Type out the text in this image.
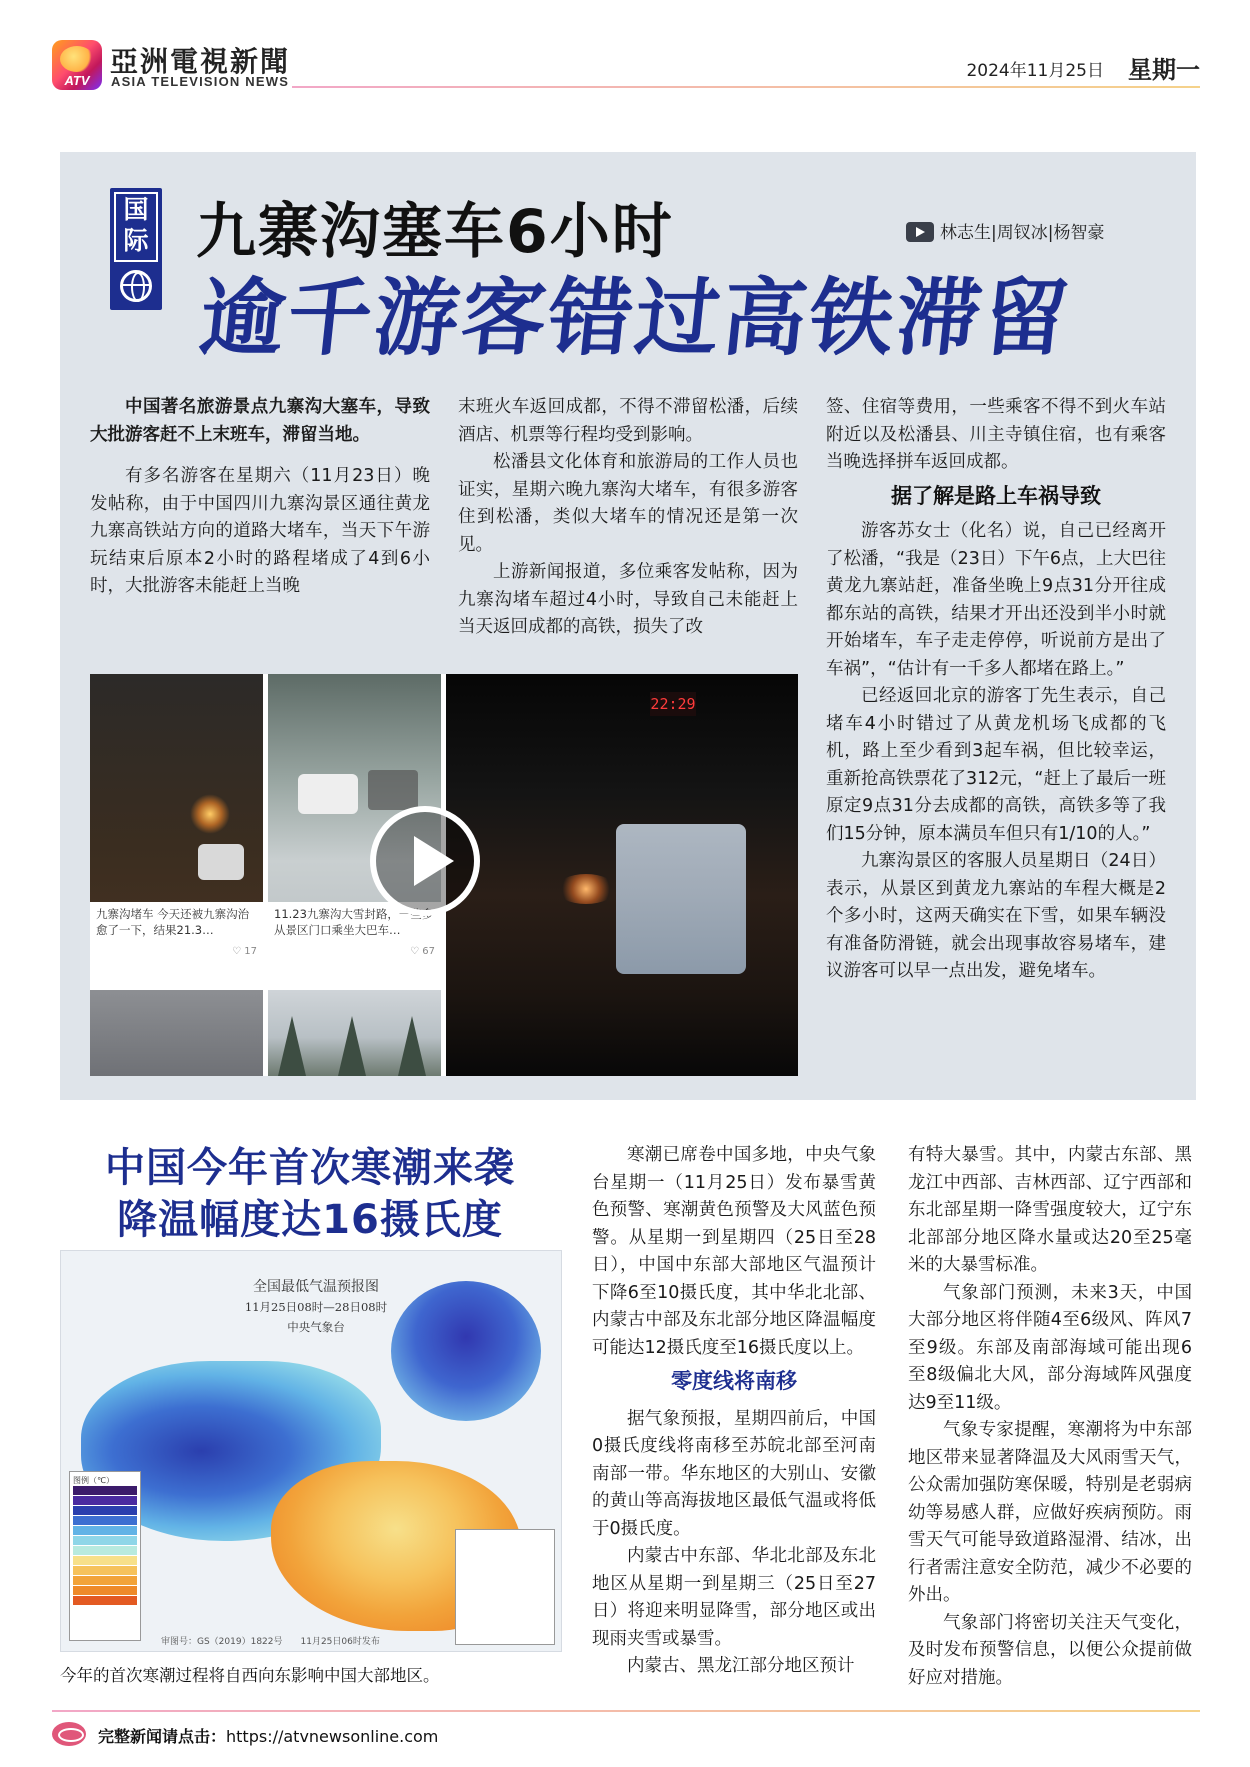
ATV
亞洲電視新聞
ASIA TELEVISION NEWS
2024年11月25日 星期一
国际 九寨沟塞车6小时
逾千游客错过高铁滞留
林志生|周钗冰|杨智豪

中国著名旅游景点九寨沟大塞车，导致大批游客赶不上末班车，滞留当地。

有多名游客在星期六（11月23日）晚发帖称，由于中国四川九寨沟景区通往黄龙九寨高铁站方向的道路大堵车，当天下午游玩结束后原本2小时的路程堵成了4到6小时，大批游客未能赶上当晚

末班火车返回成都，不得不滞留松潘，后续酒店、机票等行程均受到影响。

松潘县文化体育和旅游局的工作人员也证实，星期六晚九寨沟大堵车，有很多游客住到松潘，类似大堵车的情况还是第一次见。

上游新闻报道，多位乘客发帖称，因为九寨沟堵车超过4小时，导致自己未能赶上当天返回成都的高铁，损失了改

签、住宿等费用，一些乘客不得不到火车站附近以及松潘县、川主寺镇住宿，也有乘客当晚选择拼车返回成都。

据了解是路上车祸导致

游客苏女士（化名）说，自己已经离开了松潘，“我是（23日）下午6点，上大巴往黄龙九寨站赶，准备坐晚上9点31分开往成都东站的高铁，结果才开出还没到半小时就开始堵车，车子走走停停，听说前方是出了车祸”，“估计有一千多人都堵在路上。”

已经返回北京的游客丁先生表示，自己堵车4小时错过了从黄龙机场飞成都的飞机，路上至少看到3起车祸，但比较幸运，重新抢高铁票花了312元，“赶上了最后一班原定9点31分去成都的高铁，高铁多等了我们15分钟，原本满员车但只有1/10的人。”

九寨沟景区的客服人员星期日（24日）表示，从景区到黄龙九寨站的车程大概是2个多小时，这两天确实在下雪，如果车辆没有准备防滑链，就会出现事故容易堵车，建议游客可以早一点出发，避免堵车。

九寨沟堵车 今天还被九寨沟治愈了一下，结果21.3…
♡ 17
11.23九寨沟大雪封路，一些多从景区门口乘坐大巴车…
♡ 67
22:29
中国今年首次寒潮来袭
降温幅度达16摄氏度
全国最低气温预报图
11月25日08时—28日08时
中央气象台
图例（℃）
审图号：GS（2019）1822号　　11月25日06时发布
今年的首次寒潮过程将自西向东影响中国大部地区。

寒潮已席卷中国多地，中央气象台星期一（11月25日）发布暴雪黄色预警、寒潮黄色预警及大风蓝色预警。从星期一到星期四（25日至28日），中国中东部大部地区气温预计下降6至10摄氏度，其中华北北部、内蒙古中部及东北部分地区降温幅度可能达12摄氏度至16摄氏度以上。

零度线将南移

据气象预报，星期四前后，中国0摄氏度线将南移至苏皖北部至河南南部一带。华东地区的大别山、安徽的黄山等高海拔地区最低气温或将低于0摄氏度。

内蒙古中东部、华北北部及东北地区从星期一到星期三（25日至27日）将迎来明显降雪，部分地区或出现雨夹雪或暴雪。

内蒙古、黑龙江部分地区预计

有特大暴雪。其中，内蒙古东部、黑龙江中西部、吉林西部、辽宁西部和东北部星期一降雪强度较大，辽宁东北部部分地区降水量或达20至25毫米的大暴雪标准。

气象部门预测，未来3天，中国大部分地区将伴随4至6级风、阵风7至9级。东部及南部海域可能出现6至8级偏北大风，部分海域阵风强度达9至11级。

气象专家提醒，寒潮将为中东部地区带来显著降温及大风雨雪天气，公众需加强防寒保暖，特别是老弱病幼等易感人群，应做好疾病预防。雨雪天气可能导致道路湿滑、结冰，出行者需注意安全防范，减少不必要的外出。

气象部门将密切关注天气变化，及时发布预警信息，以便公众提前做好应对措施。

完整新闻请点击：https://atvnewsonline.com
